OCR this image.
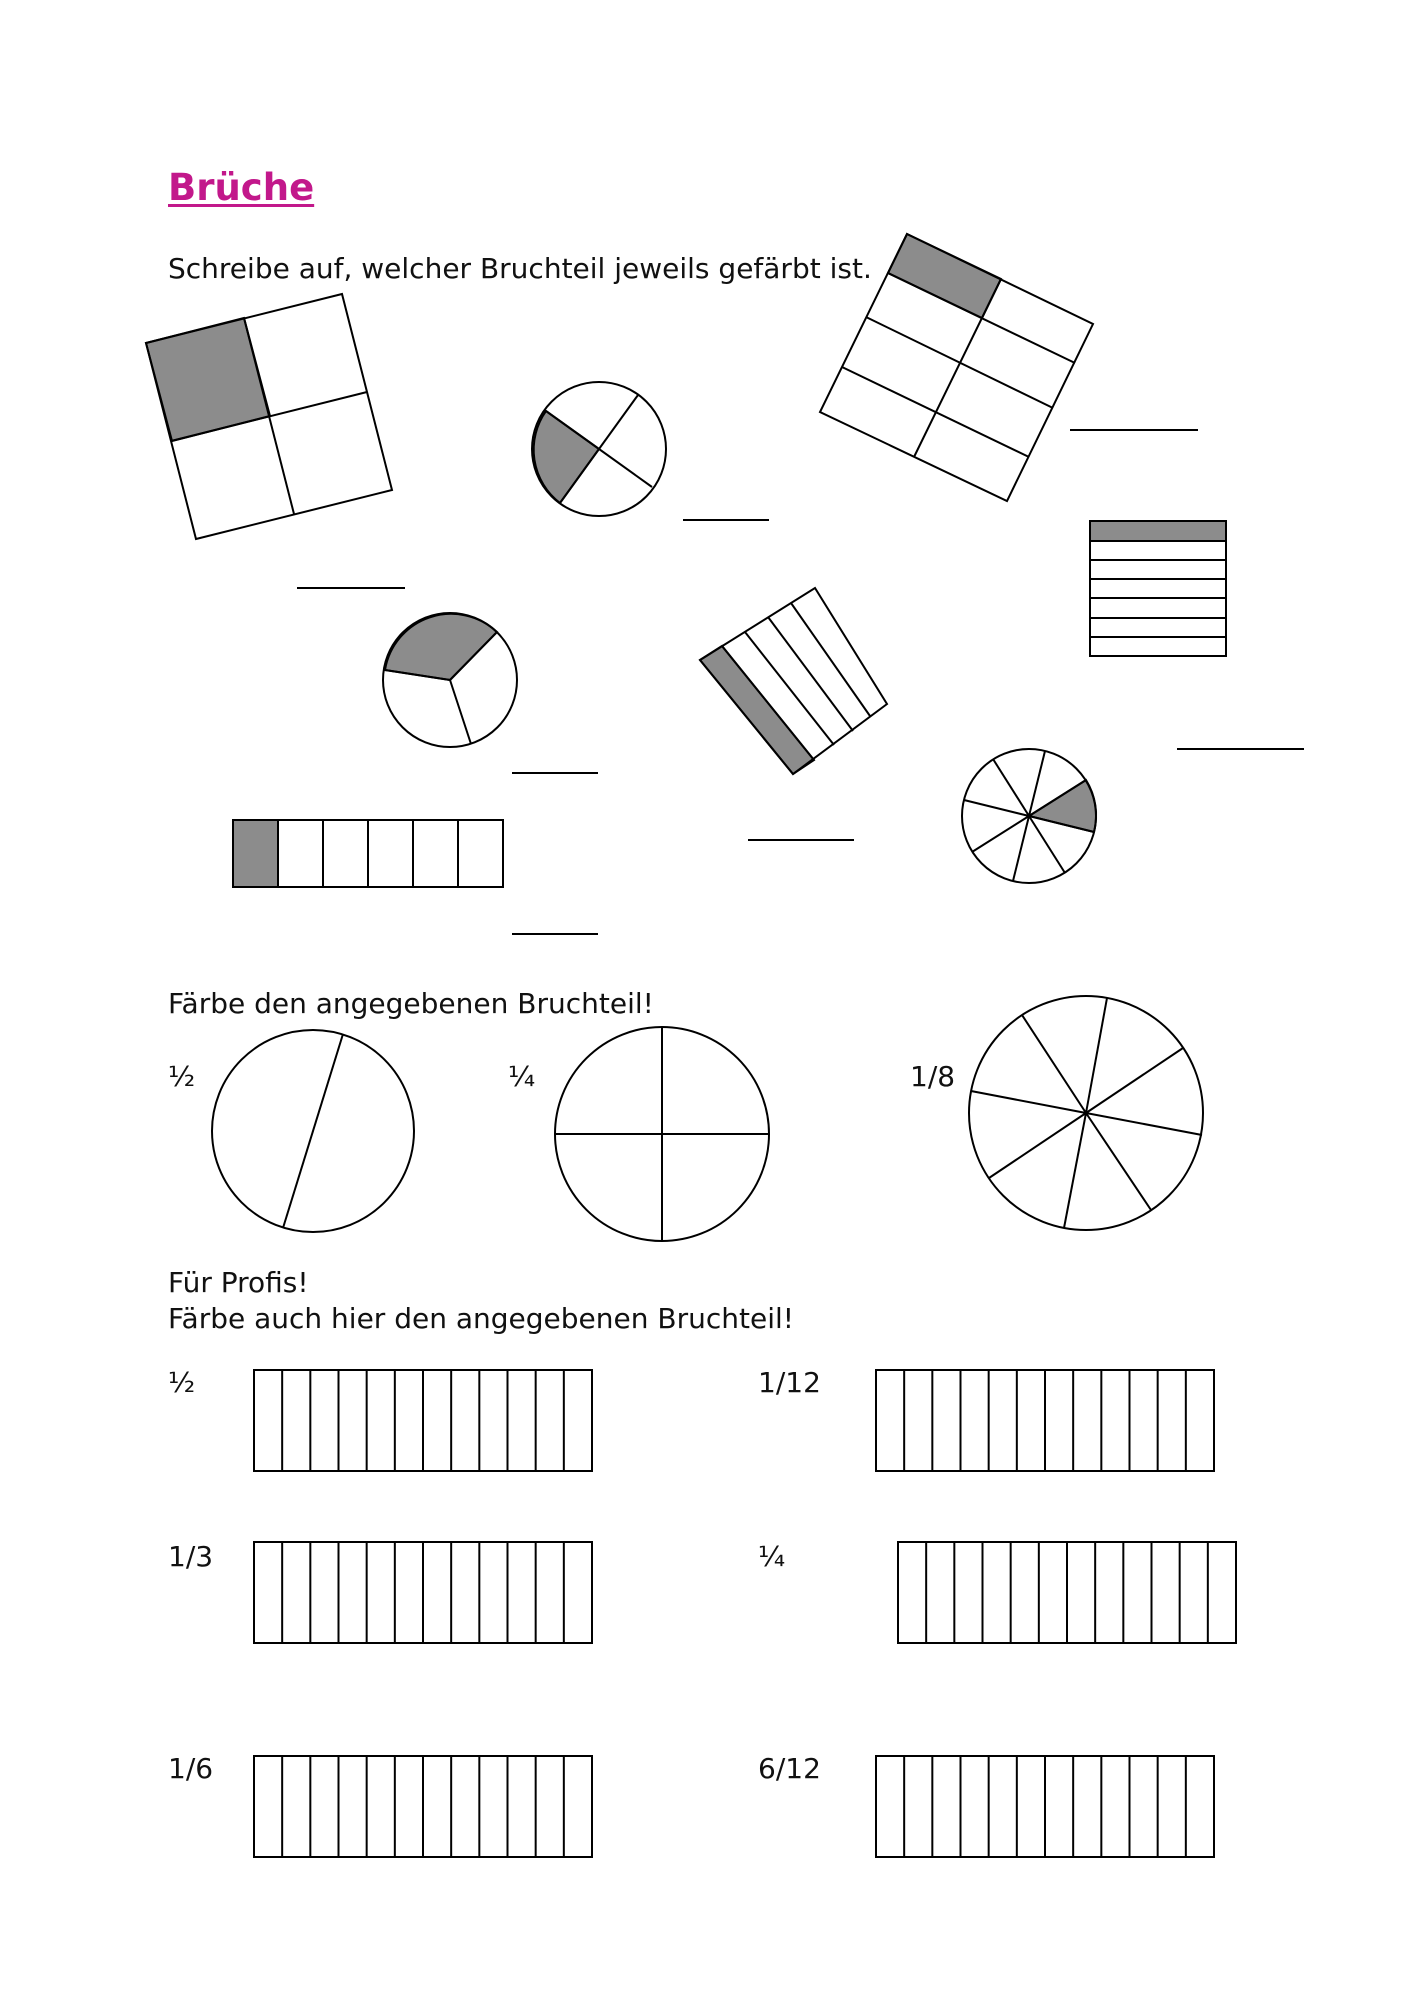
Brüche
Schreibe auf, welcher Bruchteil jeweils gefärbt ist.
Färbe den angegebenen Bruchteil!
Für Profis!
Färbe auch hier den angegebenen Bruchteil!
½	¼	1/8
½	1/12
1/3	¼
1/6	6/12
